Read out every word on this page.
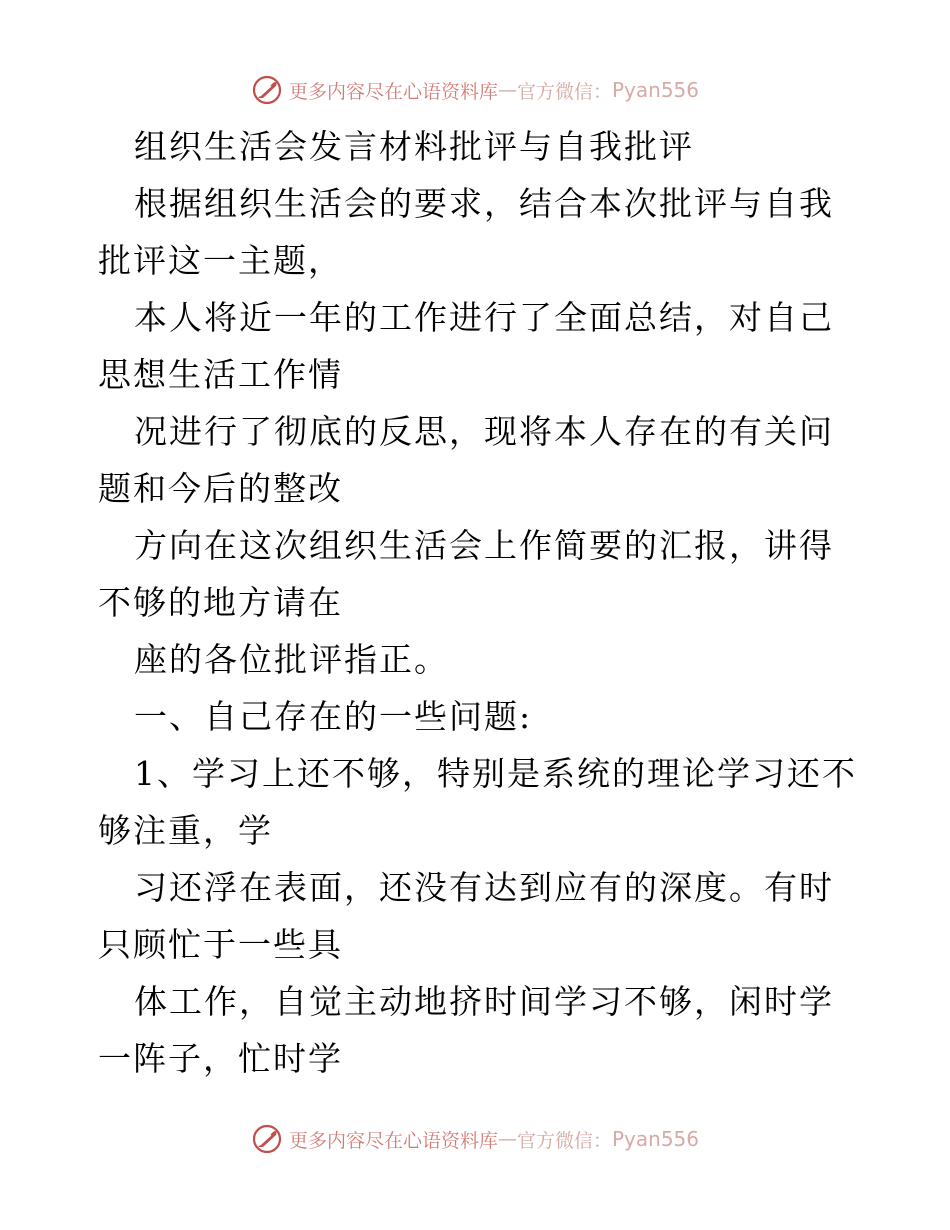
更多内容尽在心语资料库 — 官方微信： Pyan556

组织生活会发言材料批评与自我批评

根据组织生活会的要求，结合本次批评与自我批评这一主题，

本人将近一年的工作进行了全面总结，对自己思想生活工作情

况进行了彻底的反思，现将本人存在的有关问题和今后的整改

方向在这次组织生活会上作简要的汇报，讲得不够的地方请在

座的各位批评指正。

一、自己存在的一些问题:

1、学习上还不够，特别是系统的理论学习还不够注重，学

习还浮在表面，还没有达到应有的深度。有时只顾忙于一些具

体工作，自觉主动地挤时间学习不够，闲时学一阵子，忙时学

更多内容尽在心语资料库 — 官方微信： Pyan556
